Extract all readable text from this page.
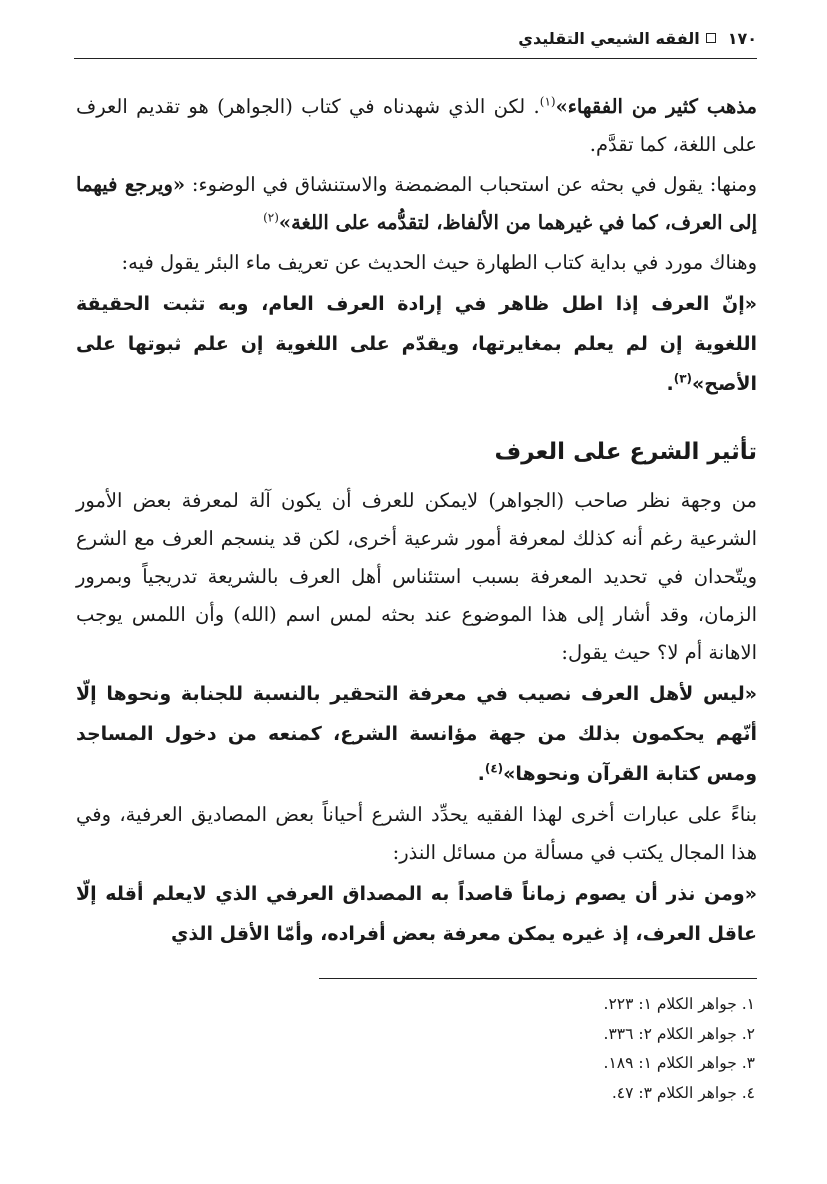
١٧٠
الفقه الشيعي التقليدي

مذهب كثير من الفقهاء»$^{(١)}$. لكن الذي شهدناه في كتاب (الجواهر) هو تقديم العرف على اللغة، كما تقدَّم.

ومنها: يقول في بحثه عن استحباب المضمضة والاستنشاق في الوضوء: «ويرجع فيهما إلى العرف، كما في غيرهما من الألفاظ، لتقدُّمه على اللغة»$^{(٢)}$

وهناك مورد في بداية كتاب الطهارة حيث الحديث عن تعريف ماء البئر يقول فيه:

«إنّ العرف إذا اطل ظاهر في إرادة العرف العام، وبه تثبت الحقيقة اللغوية إن لم يعلم بمغايرتها، ويقدّم على اللغوية إن علم ثبوتها على الأصح»$^{(٣)}$.

تأثير الشرع على العرف

من وجهة نظر صاحب (الجواهر) لايمكن للعرف أن يكون آلة لمعرفة بعض الأمور الشرعية رغم أنه كذلك لمعرفة أمور شرعية أخرى، لكن قد ينسجم العرف مع الشرع ويتّحدان في تحديد المعرفة بسبب استئناس أهل العرف بالشريعة تدريجياً وبمرور الزمان، وقد أشار إلى هذا الموضوع عند بحثه لمس اسم (الله) وأن اللمس يوجب الاهانة أم لا؟ حيث يقول:

«ليس لأهل العرف نصيب في معرفة التحقير بالنسبة للجنابة ونحوها إلّا أنّهم يحكمون بذلك من جهة مؤانسة الشرع، كمنعه من دخول المساجد ومس كتابة القرآن ونحوها»$^{(٤)}$.

بناءً على عبارات أخرى لهذا الفقيه يحدِّد الشرع أحياناً بعض المصاديق العرفية، وفي هذا المجال يكتب في مسألة من مسائل النذر:

«ومن نذر أن يصوم زماناً قاصداً به المصداق العرفي الذي لايعلم أقله إلّا عاقل العرف، إذ غيره يمكن معرفة بعض أفراده، وأمّا الأقل الذي

١. جواهر الكلام ١: ٢٢٣.
٢. جواهر الكلام ٢: ٣٣٦.
٣. جواهر الكلام ١: ١٨٩.
٤. جواهر الكلام ٣: ٤٧.
